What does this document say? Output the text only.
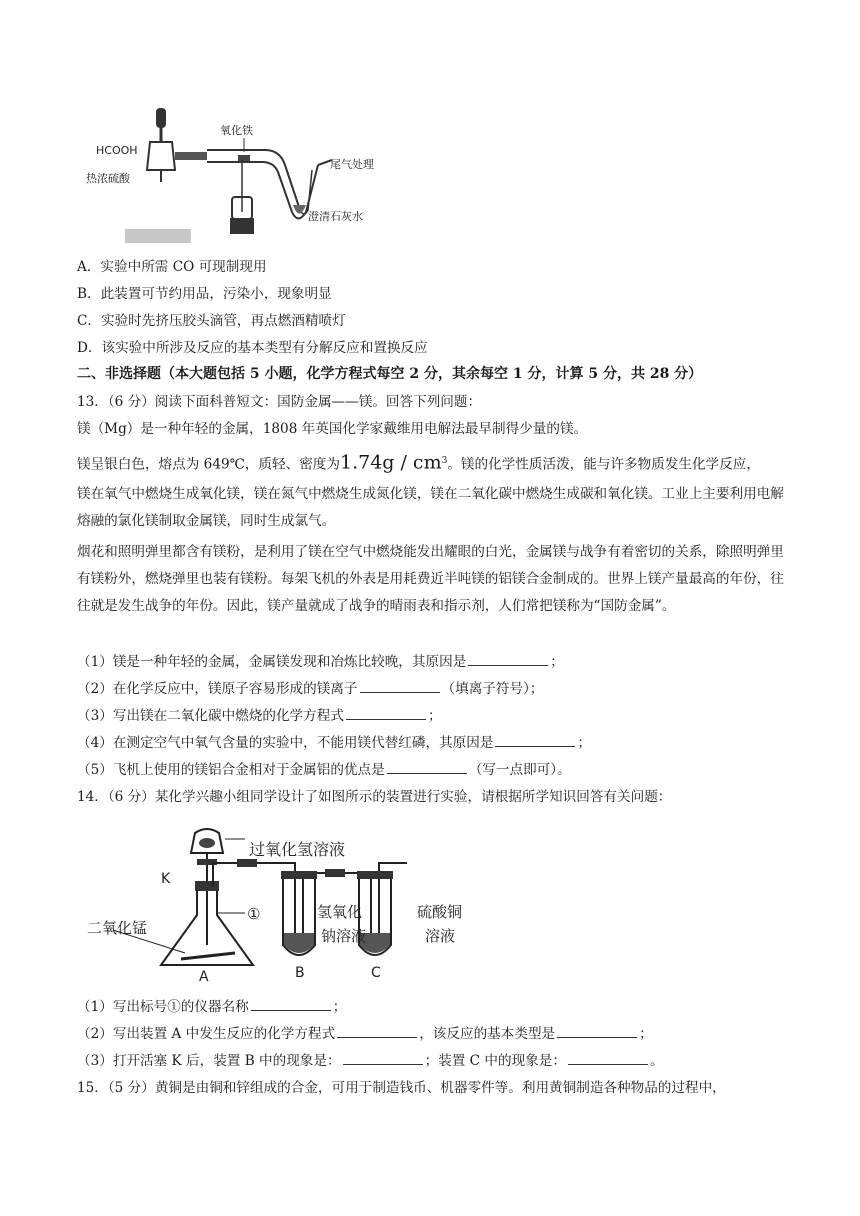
HCOOH
热浓硫酸
氧化铁
尾气处理
澄清石灰水
A．实验中所需 CO 可现制现用
B．此装置可节约用品，污染小，现象明显
C．实验时先挤压胶头滴管，再点燃酒精喷灯
D．该实验中所涉及反应的基本类型有分解反应和置换反应
二、非选择题（本大题包括 5 小题，化学方程式每空 2 分，其余每空 1 分，计算 5 分，共 28 分）
13．（6 分）阅读下面科普短文：国防金属——镁。回答下列问题：
镁（Mg）是一种年轻的金属，1808 年英国化学家戴维用电解法最早制得少量的镁。
镁呈银白色，熔点为 649℃，质轻、密度为$1.74g / cm^3$。镁的化学性质活泼，能与许多物质发生化学反应，
镁在氧气中燃烧生成氧化镁，镁在氮气中燃烧生成氮化镁，镁在二氧化碳中燃烧生成碳和氧化镁。工业上主要利用电解熔融的氯化镁制取金属镁，同时生成氯气。
烟花和照明弹里都含有镁粉，是利用了镁在空气中燃烧能发出耀眼的白光，金属镁与战争有着密切的关系，除照明弹里有镁粉外，燃烧弹里也装有镁粉。每架飞机的外表是用耗费近半吨镁的铝镁合金制成的。世界上镁产量最高的年份，往往就是发生战争的年份。因此，镁产量就成了战争的晴雨表和指示剂，人们常把镁称为“国防金属”。
（1）镁是一种年轻的金属，金属镁发现和冶炼比较晚，其原因是	；
（2）在化学反应中，镁原子容易形成的镁离子	（填离子符号）；
（3）写出镁在二氧化碳中燃烧的化学方程式	；
（4）在测定空气中氧气含量的实验中，不能用镁代替红磷，其原因是	；
（5）飞机上使用的镁铝合金相对于金属铝的优点是	（写一点即可）。
14．（6 分）某化学兴趣小组同学设计了如图所示的装置进行实验，请根据所学知识回答有关问题：
过氧化氢溶液
K
二氧化锰
①	氢氧化
钠溶液
硫酸铜
溶液
A	B	C
（1）写出标号①的仪器名称	；
（2）写出装置 A 中发生反应的化学方程式	，该反应的基本类型是	；
（3）打开活塞 K 后，装置 B 中的现象是：	；装置 C 中的现象是：	。
15．（5 分）黄铜是由铜和锌组成的合金，可用于制造钱币、机器零件等。利用黄铜制造各种物品的过程中，
